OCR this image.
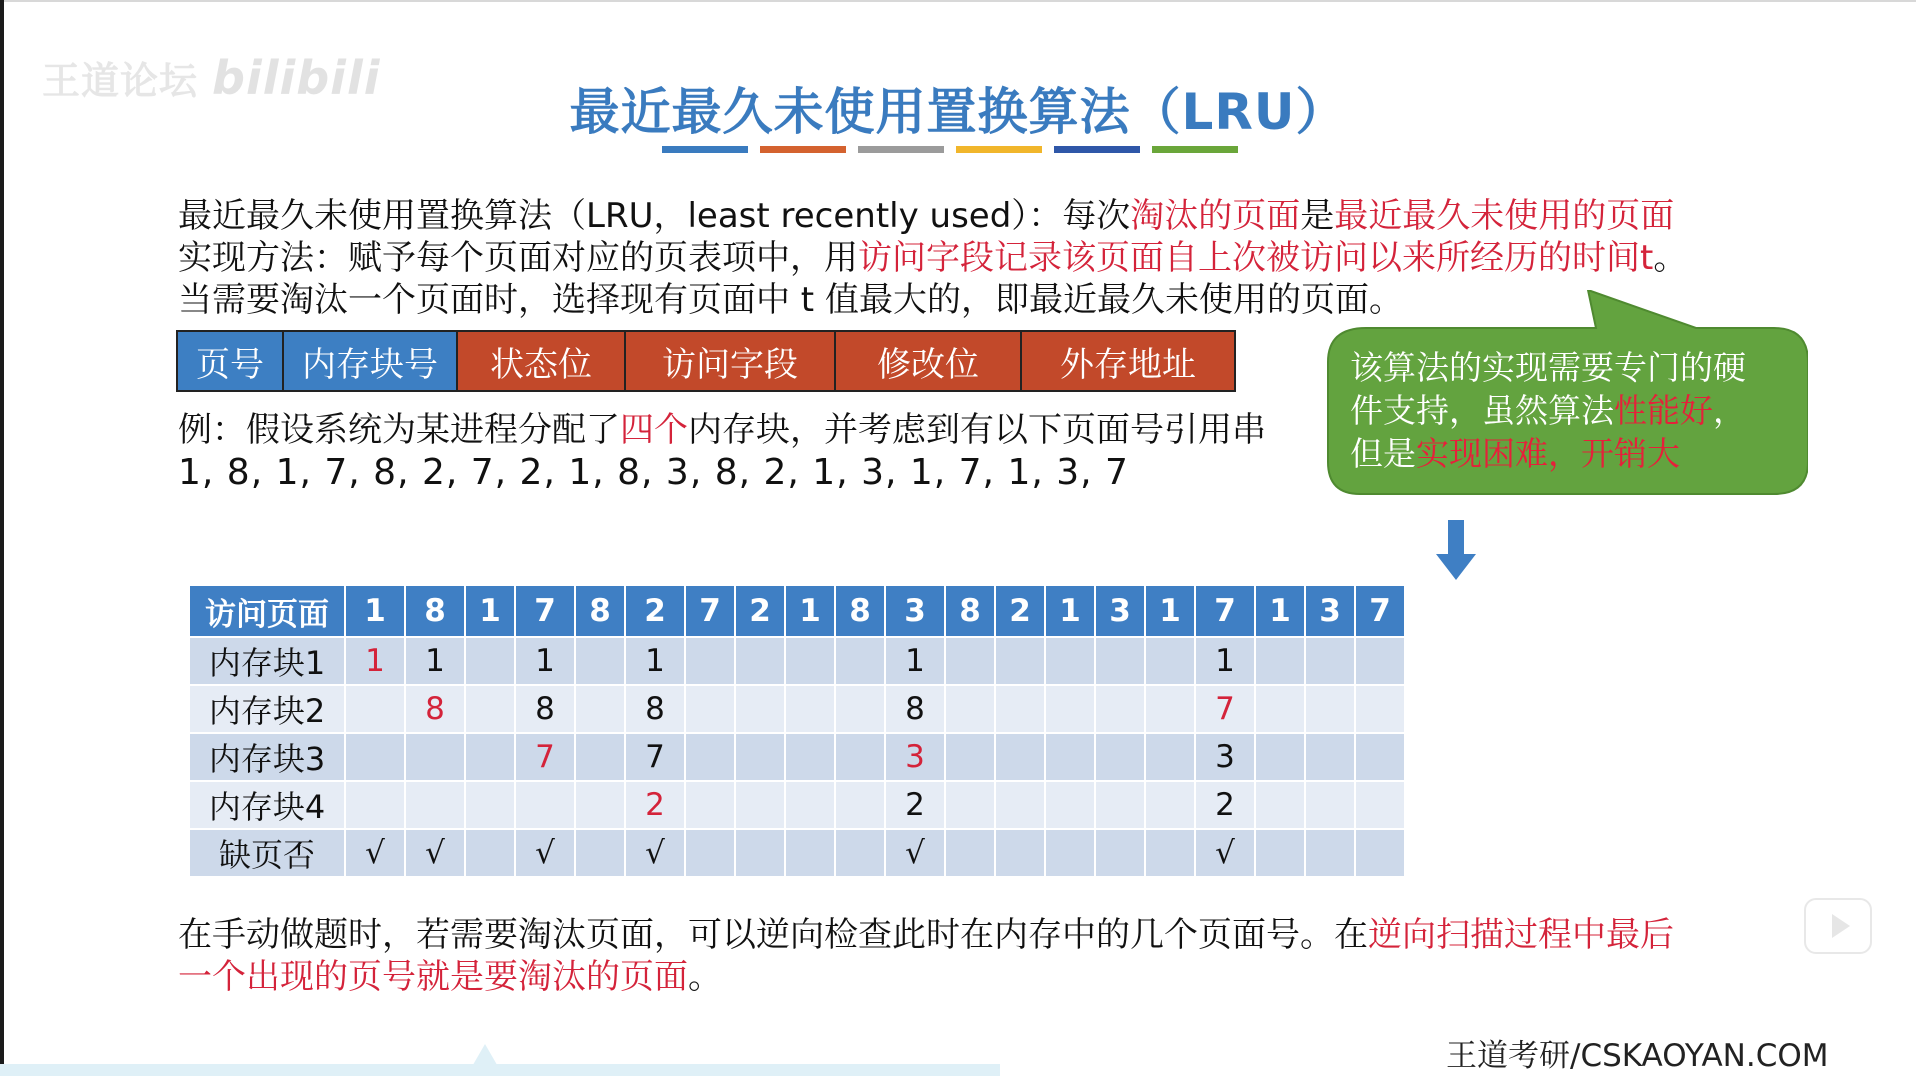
王道论坛 bilibili
最近最久未使用置换算法（LRU）
最近最久未使用置换算法（LRU，least recently used）：每次淘汰的页面是最近最久未使用的页面
实现方法：赋予每个页面对应的页表项中，用访问字段记录该页面自上次被访问以来所经历的时间t。
当需要淘汰一个页面时，选择现有页面中 t 值最大的，即最近最久未使用的页面。
页号	内存块号	状态位	访问字段	修改位	外存地址
例：假设系统为某进程分配了四个内存块，并考虑到有以下页面号引用串
1, 8, 1, 7, 8, 2, 7, 2, 1, 8, 3, 8, 2, 1, 3, 1, 7, 1, 3, 7
该算法的实现需要专门的硬
件支持，虽然算法性能好，
但是实现困难，开销大
访问页面	1	8	1	7	8	2	7	2	1	8	3	8	2	1	3	1	7	1	3	7
内存块1	1	1		1		1					1						1			
内存块2		8		8		8					8						7			
内存块3				7		7					3						3			
内存块4						2					2						2			
缺页否	√	√		√		√					√						√			
在手动做题时，若需要淘汰页面，可以逆向检查此时在内存中的几个页面号。在逆向扫描过程中最后
一个出现的页号就是要淘汰的页面。
王道考研/CSKAOYAN.COM
